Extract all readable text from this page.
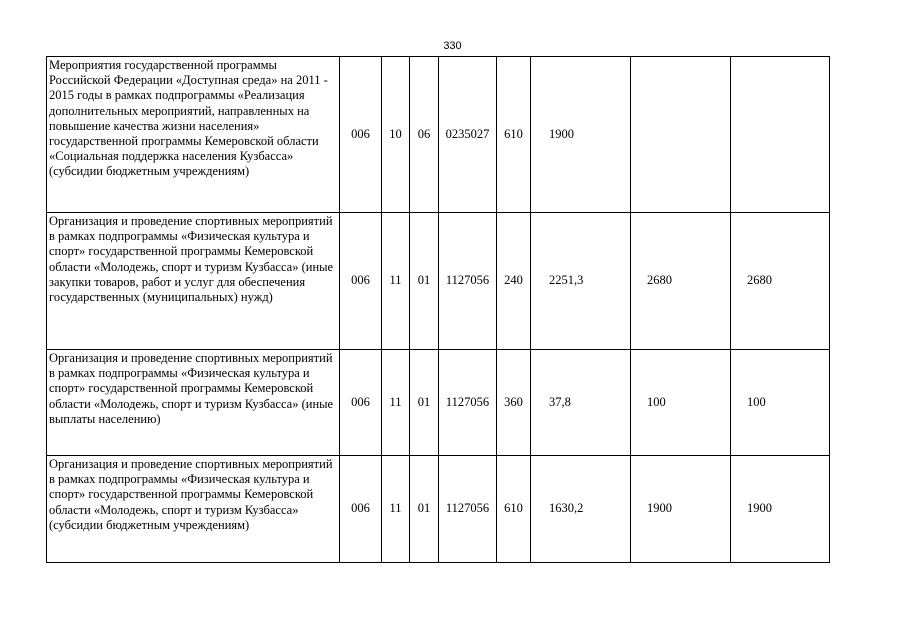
330
Мероприятия государственной программы Российской Федерации «Доступная среда» на 2011 - 2015 годы в рамках подпрограммы «Реализация дополнительных мероприятий, направленных на повышение качества жизни населения» государственной программы Кемеровской области «Социальная поддержка населения Кузбасса» (субсидии бюджетным учреждениям)	006	10	06	0235027	610	1900		
Организация и проведение спортивных мероприятий в рамках подпрограммы «Физическая культура и спорт» государственной программы Кемеровской области «Молодежь, спорт и туризм Кузбасса» (иные закупки товаров, работ и услуг для обеспечения государственных (муниципальных) нужд)	006	11	01	1127056	240	2251,3	2680	2680
Организация и проведение спортивных мероприятий в рамках подпрограммы «Физическая культура и спорт» государственной программы Кемеровской области «Молодежь, спорт и туризм Кузбасса» (иные выплаты населению)	006	11	01	1127056	360	37,8	100	100
Организация и проведение спортивных мероприятий в рамках подпрограммы «Физическая культура и спорт» государственной программы Кемеровской области «Молодежь, спорт и туризм Кузбасса» (субсидии бюджетным учреждениям)	006	11	01	1127056	610	1630,2	1900	1900
